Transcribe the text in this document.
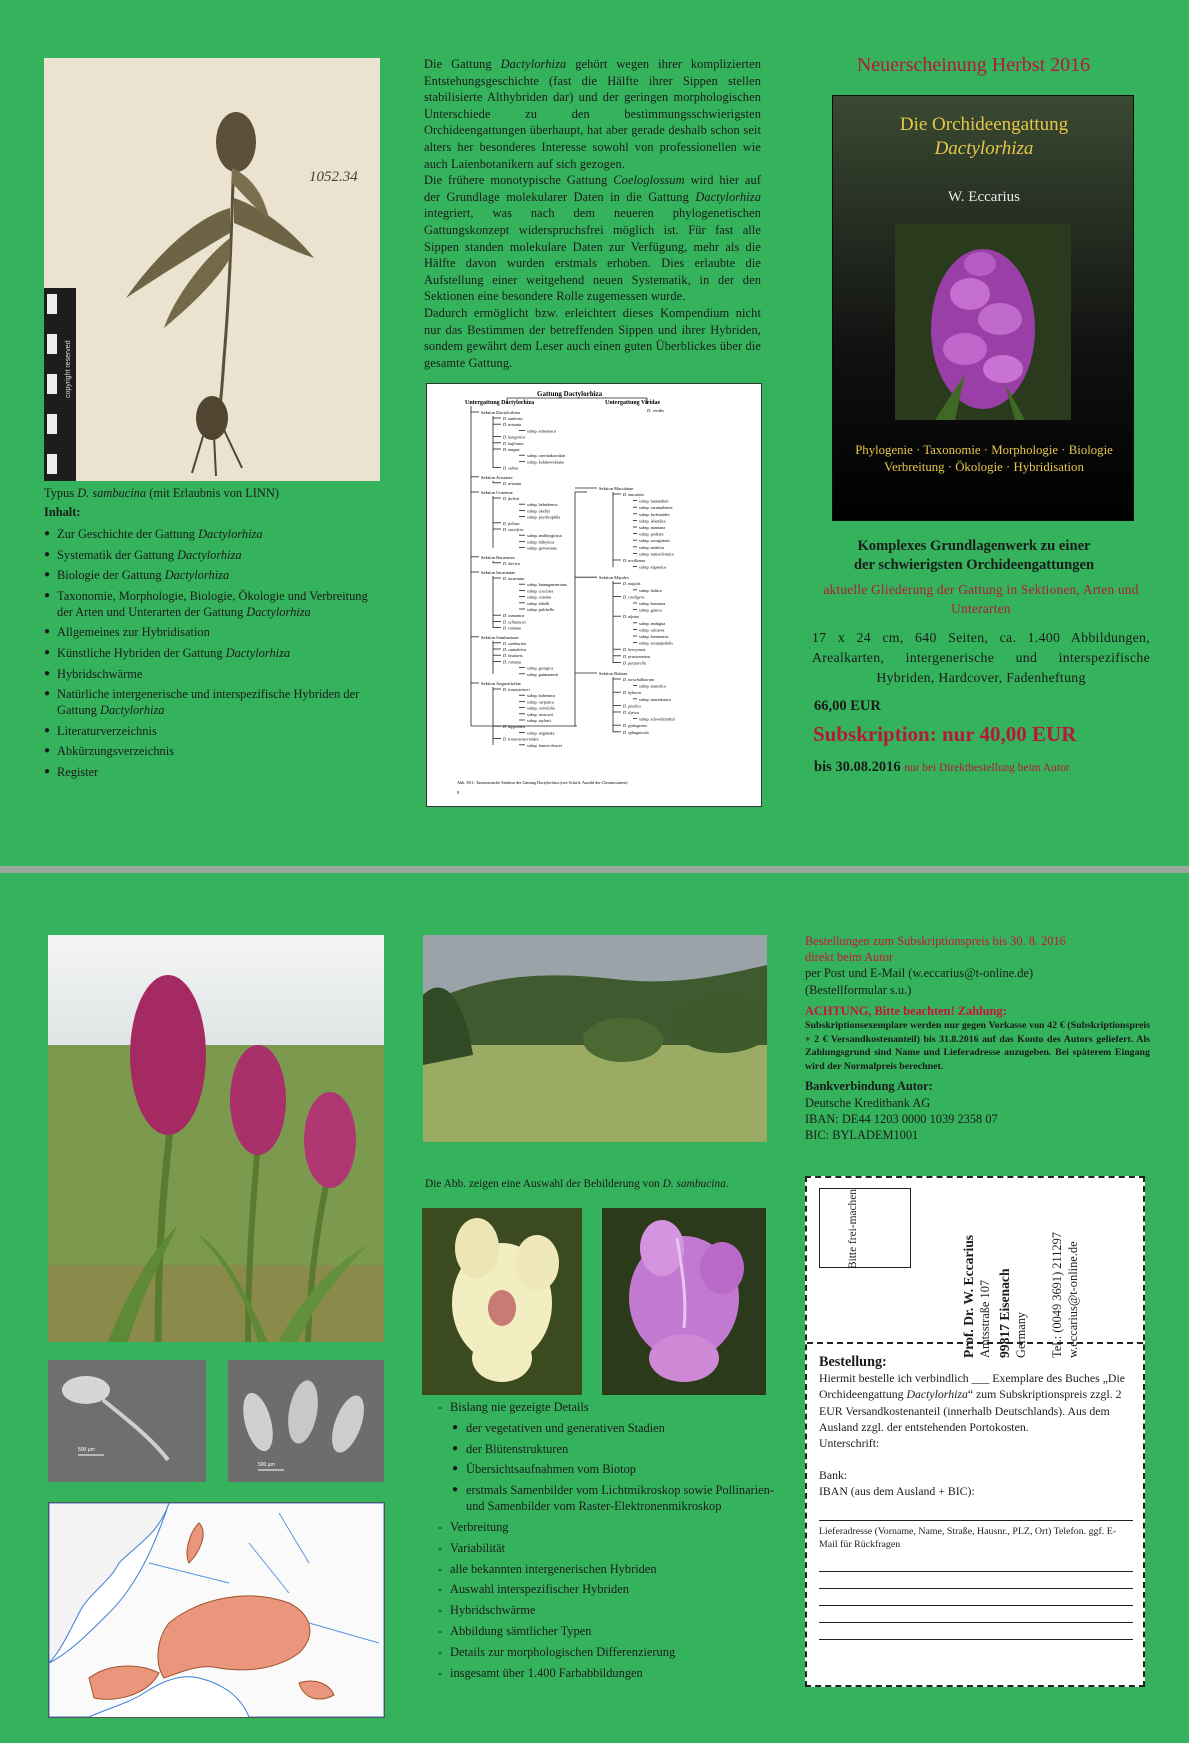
1052.34
copyright reserved
Typus D. sambucina (mit Erlaubnis von LINN)
Inhalt:
● Zur Geschichte der Gattung Dactylorhiza
● Systematik der Gattung Dactylorhiza
● Biologie der Gattung Dactylorhiza
● Taxonomie, Morphologie, Biologie, Ökologie und Verbreitung der Arten und Unterarten der Gattung Dactylorhiza
● Allgemeines zur Hybridisation
● Künstliche Hybriden der Gattung Dactylorhiza
● Hybridschwärme
● Natürliche intergenerische und interspezifische Hybriden der Gattung Dactylorhiza
● Literaturverzeichnis
● Abkürzungsverzeichnis
● Register

Die Gattung Dactylorhiza gehört wegen ihrer komplizierten Entstehungsgeschichte (fast die Hälfte ihrer Sippen stellen stabilisierte Althybriden dar) und der geringen morphologischen Unterschiede zu den bestimmungsschwierigsten Orchideengattungen überhaupt, hat aber gerade deshalb schon seit alters her besonderes Interesse sowohl von professionellen wie auch Laienbotanikern auf sich gezogen.

Die frühere monotypische Gattung Coeloglossum wird hier auf der Grundlage molekularer Daten in die Gattung Dactylorhiza integriert, was nach dem neueren phylogenetischen Gattungskonzept widerspruchsfrei möglich ist. Für fast alle Sippen standen molekulare Daten zur Verfügung, mehr als die Hälfte davon wurden erstmals erhoben. Dies erlaubte die Aufstellung einer weitgehend neuen Systematik, in der den Sektionen eine besondere Rolle zugemessen wurde.

Dadurch ermöglicht bzw. erleichtert dieses Kompendium nicht nur das Bestimmen der betreffenden Sippen und ihrer Hybriden, sondem gewährt dem Leser auch einen guten Überblickes über die gesamte Gattung.

Gattung Dactylorhiza
Untergattung Dactylorhiza	Untergattung Viridae
D. viridis
Sektion Dactylorhiza
D. umbrosa
D. aristata
subsp. armeniaca
D. hungarica
D. kafiriana
D. magna
subsp. czerniakowskae
subsp. kolakowskiana
D. salina
Sektion Aristatae
D. aristata
Sektion Cruentae
D. fuchsii
subsp. hebridensis
subsp. okellyi
subsp. psychrophila
D. foliosa
D. saccifera
subsp. amblyoglossa
subsp. bithynica
subsp. gervasiana
Sektion Baraenses
D. iberica
Sektion Incarnatae
D. incarnata
subsp. baumgartneriana
subsp. coccinea
subsp. cruenta
subsp. lobelii
subsp. pulchella
D. osmanica
D. schistacea
D. romana
Sektion Sambucinae
D. sambucina
D. cantabrica
D. insularis
D. romana
subsp. georgica
subsp. guimaraesii
Sektion Angustifoliae
D. traunsteineri
subsp. bohemica
subsp. carpatica
subsp. curvifolia
subsp. russowii
subsp. taylorii
D. lapponica
subsp. angustata
D. traunsteinerioides
subsp. francis-drucei
Sektion Maculatae
D. maculata
subsp. battandieri
subsp. caramulensis
subsp. fuchsioides
subsp. islandica
subsp. montana
subsp. podesta
subsp. savogiensis
subsp. sudetica
subsp. transsilvanica
D. urvilleana
subsp. elgaasica
Sektion Majales
D. majalis
subsp. baltica
D. cordigera
subsp. bosniaca
subsp. graeca
D. alpina
subsp. ambigua
subsp. calcarea
subsp. brennensis
subsp. sesquipedalis
D. kerryensis
D. praetermissa
D. purpurella
Sektion Rubrae
D. nieschalkiorum
subsp. anatolica
D. hyboria
subsp. macedonica
D. pindica
D. ilyrica
subsp. schweinfurthii
D. pythagoras
D. sphagnicola
Abb. 38/1: Taxonomische Struktur der Gattung Dactylorhiza (rote Schrift: Anzahl der Chromosomen)
8
Neuerscheinung Herbst 2016
Die Orchideengattung
Dactylorhiza
W. Eccarius
Phylogenie · Taxonomie · Morphologie · Biologie
Verbreitung · Ökologie · Hybridisation
Komplexes Grundlagenwerk zu einer
der schwierigsten Orchideengattungen
aktuelle Gliederung der Gattung in Sektionen, Arten und Unterarten
17 x 24 cm, 640 Seiten, ca. 1.400 Abbildungen, Arealkarten, intergenerische und interspezifische Hybriden, Hardcover, Fadenheftung
66,00 EUR
Subskription: nur 40,00 EUR
bis 30.08.2016 nur bei Direktbestellung beim Autor
500 µm
500 µm
Die Abb. zeigen eine Auswahl der Bebilderung von D. sambucina.
- Bislang nie gezeigte Details
● der vegetativen und generativen Stadien
● der Blütenstrukturen
● Übersichtsaufnahmen vom Biotop
● erstmals Samenbilder vom Lichtmikroskop sowie Pollinarien- und Samenbilder vom Raster-Elektronenmikroskop
- Verbreitung
- Variabilität
- alle bekannten intergenerischen Hybriden
- Auswahl interspezifischer Hybriden
- Hybridschwärme
- Abbildung sämtlicher Typen
- Details zur morphologischen Differenzierung
- insgesamt über 1.400 Farbabbildungen
Bestellungen zum Subskriptionspreis bis 30. 8. 2016
direkt beim Autor
per Post und E-Mail (w.eccarius@t-online.de)
(Bestellformular s.u.)
ACHTUNG, Bitte beachten! Zahlung:
Subskriptionsexemplare werden nur gegen Vorkasse von 42 € (Subskriptionspreis + 2 € Versandkostenanteil) bis 31.8.2016 auf das Konto des Autors geliefert. Als Zahlungsgrund sind Name und Lieferadresse anzugeben. Bei späterem Eingang wird der Normalpreis berechnet.
Bankverbindung Autor:
Deutsche Kreditbank AG
IBAN: DE44 1203 0000 1039 2358 07
BIC: BYLADEM1001
Bitte frei-machen
Prof. Dr. W. Eccarius Amtsstraße 107 99817 Eisenach Germany Tel.: (0049 3691) 211297 w.eccarius@t-online.de
Bestellung:
Hiermit bestelle ich verbindlich ___ Exemplare des Buches „Die Orchideengattung Dactylorhiza“ zum Subskriptionspreis zzgl. 2 EUR Versandkostenanteil (innerhalb Deutschlands). Aus dem Ausland zzgl. der entstehenden Portokosten.
Unterschrift:
Bank:
IBAN (aus dem Ausland + BIC):
Lieferadresse (Vorname, Name, Straße, Hausnr., PLZ, Ort) Telefon. ggf. E-Mail für Rückfragen
